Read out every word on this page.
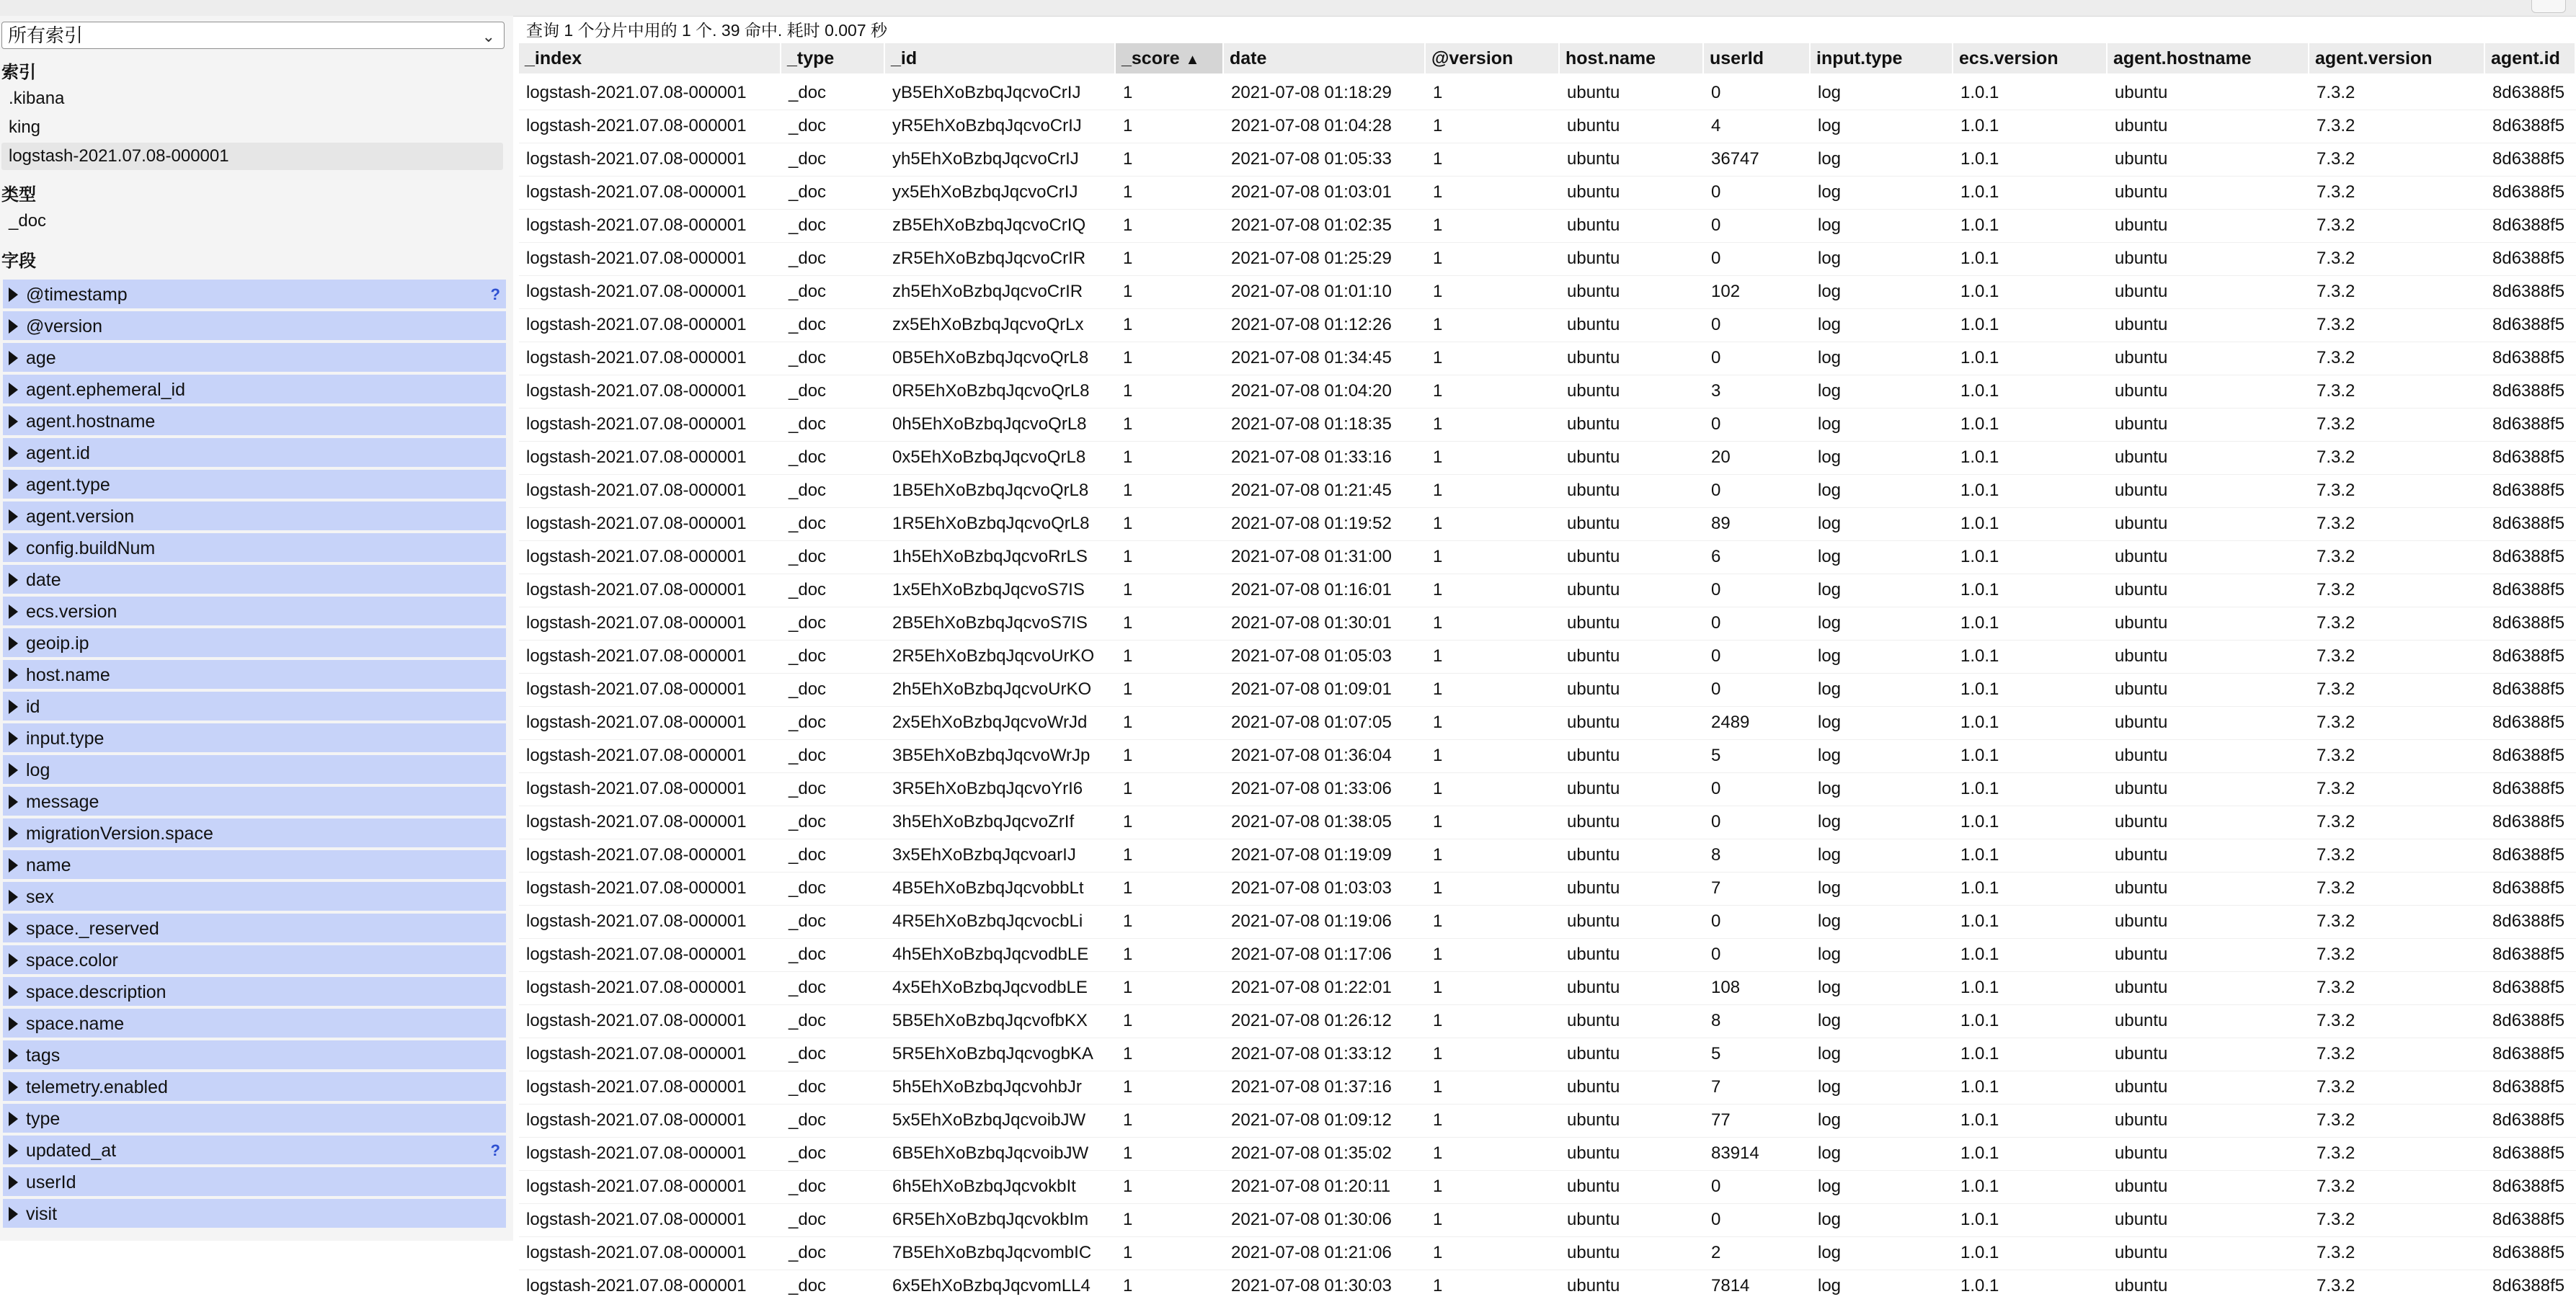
所有索引	⌄
索引
.kibana
king
logstash-2021.07.08-000001
类型
_doc
字段
@timestamp	?
@version
age
agent.ephemeral_id
agent.hostname
agent.id
agent.type
agent.version
config.buildNum
date
ecs.version
geoip.ip
host.name
id
input.type
log
message
migrationVersion.space
name
sex
space._reserved
space.color
space.description
space.name
tags
telemetry.enabled
type
updated_at	?
userId
visit
查询 1 个分片中用的 1 个. 39 命中. 耗时 0.007 秒
_index	_type	_id	_score ▲	date	@version	host.name	userId	input.type	ecs.version	agent.hostname	agent.version	agent.id
logstash-2021.07.08-000001	_doc	yB5EhXoBzbqJqcvoCrIJ	1	2021-07-08 01:18:29	1	ubuntu	0	log	1.0.1	ubuntu	7.3.2	8d6388f5
logstash-2021.07.08-000001	_doc	yR5EhXoBzbqJqcvoCrIJ	1	2021-07-08 01:04:28	1	ubuntu	4	log	1.0.1	ubuntu	7.3.2	8d6388f5
logstash-2021.07.08-000001	_doc	yh5EhXoBzbqJqcvoCrIJ	1	2021-07-08 01:05:33	1	ubuntu	36747	log	1.0.1	ubuntu	7.3.2	8d6388f5
logstash-2021.07.08-000001	_doc	yx5EhXoBzbqJqcvoCrIJ	1	2021-07-08 01:03:01	1	ubuntu	0	log	1.0.1	ubuntu	7.3.2	8d6388f5
logstash-2021.07.08-000001	_doc	zB5EhXoBzbqJqcvoCrIQ	1	2021-07-08 01:02:35	1	ubuntu	0	log	1.0.1	ubuntu	7.3.2	8d6388f5
logstash-2021.07.08-000001	_doc	zR5EhXoBzbqJqcvoCrIR	1	2021-07-08 01:25:29	1	ubuntu	0	log	1.0.1	ubuntu	7.3.2	8d6388f5
logstash-2021.07.08-000001	_doc	zh5EhXoBzbqJqcvoCrIR	1	2021-07-08 01:01:10	1	ubuntu	102	log	1.0.1	ubuntu	7.3.2	8d6388f5
logstash-2021.07.08-000001	_doc	zx5EhXoBzbqJqcvoQrLx	1	2021-07-08 01:12:26	1	ubuntu	0	log	1.0.1	ubuntu	7.3.2	8d6388f5
logstash-2021.07.08-000001	_doc	0B5EhXoBzbqJqcvoQrL8	1	2021-07-08 01:34:45	1	ubuntu	0	log	1.0.1	ubuntu	7.3.2	8d6388f5
logstash-2021.07.08-000001	_doc	0R5EhXoBzbqJqcvoQrL8	1	2021-07-08 01:04:20	1	ubuntu	3	log	1.0.1	ubuntu	7.3.2	8d6388f5
logstash-2021.07.08-000001	_doc	0h5EhXoBzbqJqcvoQrL8	1	2021-07-08 01:18:35	1	ubuntu	0	log	1.0.1	ubuntu	7.3.2	8d6388f5
logstash-2021.07.08-000001	_doc	0x5EhXoBzbqJqcvoQrL8	1	2021-07-08 01:33:16	1	ubuntu	20	log	1.0.1	ubuntu	7.3.2	8d6388f5
logstash-2021.07.08-000001	_doc	1B5EhXoBzbqJqcvoQrL8	1	2021-07-08 01:21:45	1	ubuntu	0	log	1.0.1	ubuntu	7.3.2	8d6388f5
logstash-2021.07.08-000001	_doc	1R5EhXoBzbqJqcvoQrL8	1	2021-07-08 01:19:52	1	ubuntu	89	log	1.0.1	ubuntu	7.3.2	8d6388f5
logstash-2021.07.08-000001	_doc	1h5EhXoBzbqJqcvoRrLS	1	2021-07-08 01:31:00	1	ubuntu	6	log	1.0.1	ubuntu	7.3.2	8d6388f5
logstash-2021.07.08-000001	_doc	1x5EhXoBzbqJqcvoS7IS	1	2021-07-08 01:16:01	1	ubuntu	0	log	1.0.1	ubuntu	7.3.2	8d6388f5
logstash-2021.07.08-000001	_doc	2B5EhXoBzbqJqcvoS7IS	1	2021-07-08 01:30:01	1	ubuntu	0	log	1.0.1	ubuntu	7.3.2	8d6388f5
logstash-2021.07.08-000001	_doc	2R5EhXoBzbqJqcvoUrKO	1	2021-07-08 01:05:03	1	ubuntu	0	log	1.0.1	ubuntu	7.3.2	8d6388f5
logstash-2021.07.08-000001	_doc	2h5EhXoBzbqJqcvoUrKO	1	2021-07-08 01:09:01	1	ubuntu	0	log	1.0.1	ubuntu	7.3.2	8d6388f5
logstash-2021.07.08-000001	_doc	2x5EhXoBzbqJqcvoWrJd	1	2021-07-08 01:07:05	1	ubuntu	2489	log	1.0.1	ubuntu	7.3.2	8d6388f5
logstash-2021.07.08-000001	_doc	3B5EhXoBzbqJqcvoWrJp	1	2021-07-08 01:36:04	1	ubuntu	5	log	1.0.1	ubuntu	7.3.2	8d6388f5
logstash-2021.07.08-000001	_doc	3R5EhXoBzbqJqcvoYrI6	1	2021-07-08 01:33:06	1	ubuntu	0	log	1.0.1	ubuntu	7.3.2	8d6388f5
logstash-2021.07.08-000001	_doc	3h5EhXoBzbqJqcvoZrIf	1	2021-07-08 01:38:05	1	ubuntu	0	log	1.0.1	ubuntu	7.3.2	8d6388f5
logstash-2021.07.08-000001	_doc	3x5EhXoBzbqJqcvoarIJ	1	2021-07-08 01:19:09	1	ubuntu	8	log	1.0.1	ubuntu	7.3.2	8d6388f5
logstash-2021.07.08-000001	_doc	4B5EhXoBzbqJqcvobbLt	1	2021-07-08 01:03:03	1	ubuntu	7	log	1.0.1	ubuntu	7.3.2	8d6388f5
logstash-2021.07.08-000001	_doc	4R5EhXoBzbqJqcvocbLi	1	2021-07-08 01:19:06	1	ubuntu	0	log	1.0.1	ubuntu	7.3.2	8d6388f5
logstash-2021.07.08-000001	_doc	4h5EhXoBzbqJqcvodbLE	1	2021-07-08 01:17:06	1	ubuntu	0	log	1.0.1	ubuntu	7.3.2	8d6388f5
logstash-2021.07.08-000001	_doc	4x5EhXoBzbqJqcvodbLE	1	2021-07-08 01:22:01	1	ubuntu	108	log	1.0.1	ubuntu	7.3.2	8d6388f5
logstash-2021.07.08-000001	_doc	5B5EhXoBzbqJqcvofbKX	1	2021-07-08 01:26:12	1	ubuntu	8	log	1.0.1	ubuntu	7.3.2	8d6388f5
logstash-2021.07.08-000001	_doc	5R5EhXoBzbqJqcvogbKA	1	2021-07-08 01:33:12	1	ubuntu	5	log	1.0.1	ubuntu	7.3.2	8d6388f5
logstash-2021.07.08-000001	_doc	5h5EhXoBzbqJqcvohbJr	1	2021-07-08 01:37:16	1	ubuntu	7	log	1.0.1	ubuntu	7.3.2	8d6388f5
logstash-2021.07.08-000001	_doc	5x5EhXoBzbqJqcvoibJW	1	2021-07-08 01:09:12	1	ubuntu	77	log	1.0.1	ubuntu	7.3.2	8d6388f5
logstash-2021.07.08-000001	_doc	6B5EhXoBzbqJqcvoibJW	1	2021-07-08 01:35:02	1	ubuntu	83914	log	1.0.1	ubuntu	7.3.2	8d6388f5
logstash-2021.07.08-000001	_doc	6h5EhXoBzbqJqcvokbIt	1	2021-07-08 01:20:11	1	ubuntu	0	log	1.0.1	ubuntu	7.3.2	8d6388f5
logstash-2021.07.08-000001	_doc	6R5EhXoBzbqJqcvokbIm	1	2021-07-08 01:30:06	1	ubuntu	0	log	1.0.1	ubuntu	7.3.2	8d6388f5
logstash-2021.07.08-000001	_doc	7B5EhXoBzbqJqcvombIC	1	2021-07-08 01:21:06	1	ubuntu	2	log	1.0.1	ubuntu	7.3.2	8d6388f5
logstash-2021.07.08-000001	_doc	6x5EhXoBzbqJqcvomLL4	1	2021-07-08 01:30:03	1	ubuntu	7814	log	1.0.1	ubuntu	7.3.2	8d6388f5
